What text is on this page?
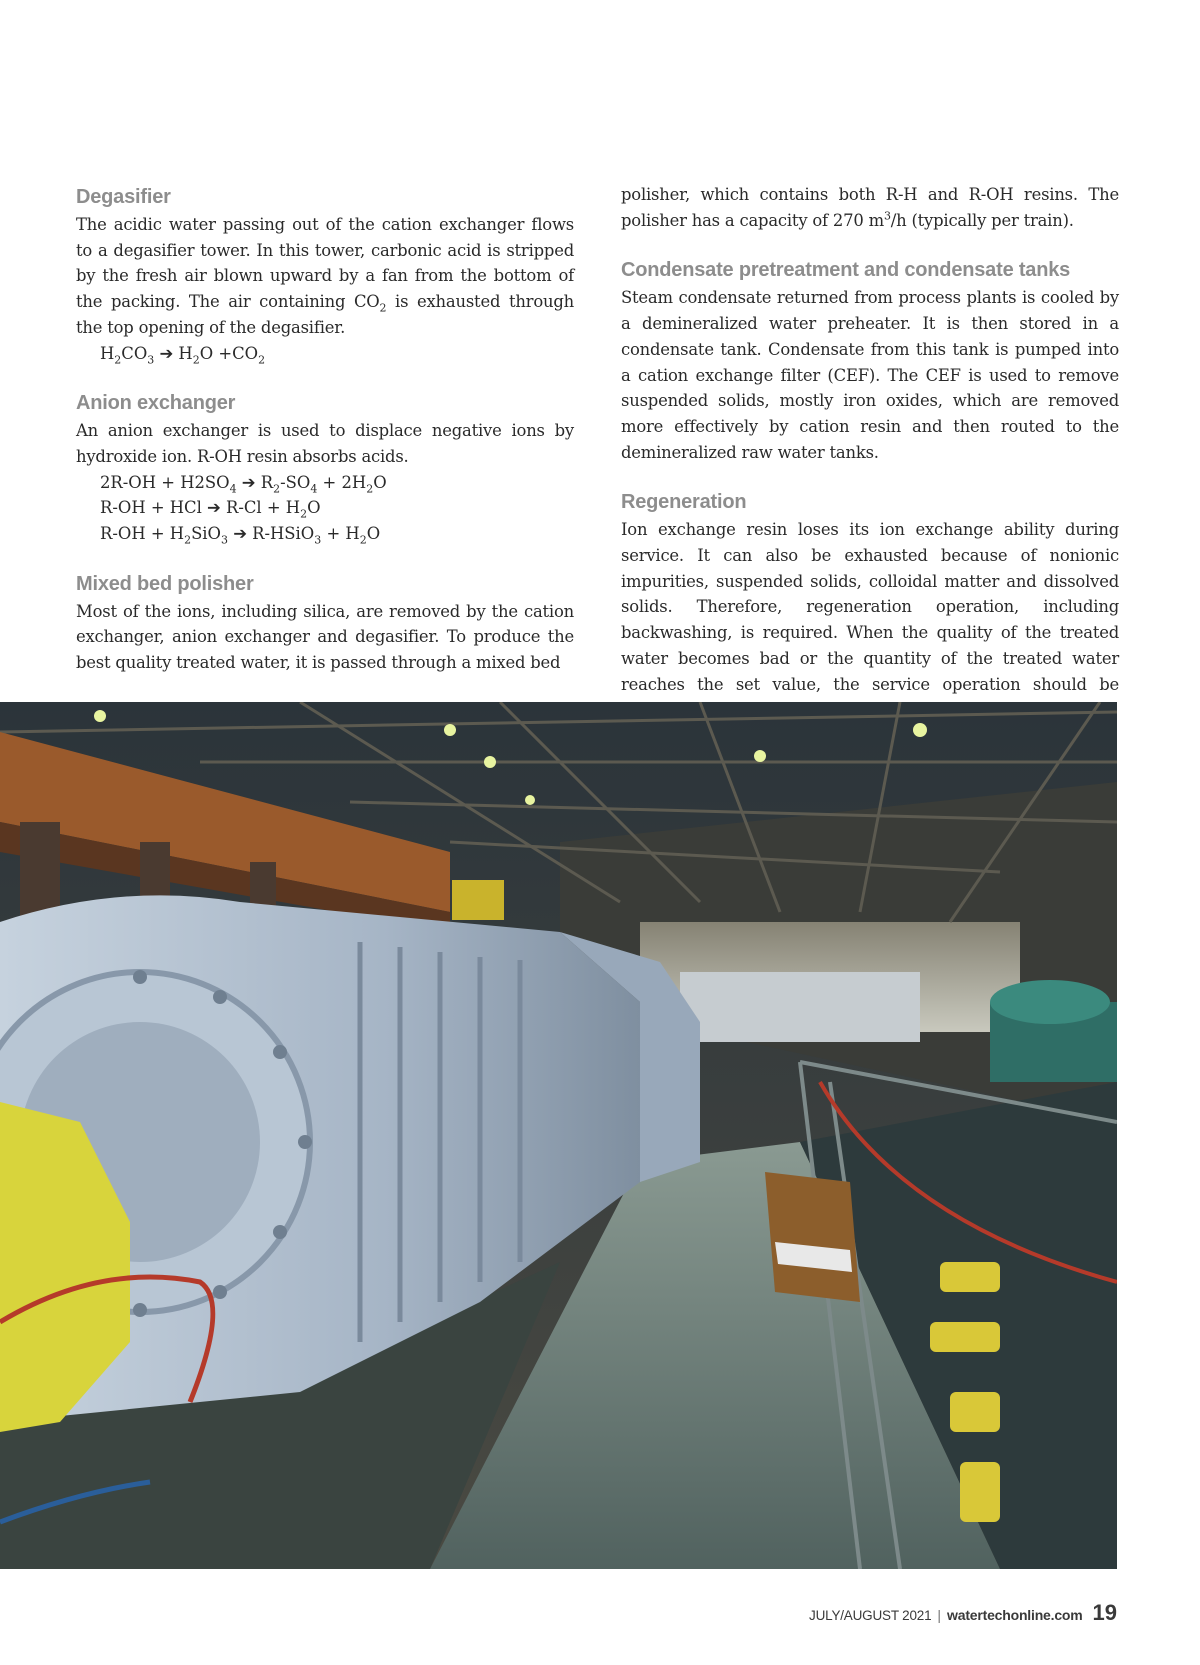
Degasifier

The acidic water passing out of the cation exchanger flows to a degasifier tower. In this tower, carbonic acid is stripped by the fresh air blown upward by a fan from the bottom of the packing. The air containing $CO_2$ is exhausted through the top opening of the degasifier.

$H_2CO_3$ ➔ $H_2O +CO_2$
Anion exchanger

An anion exchanger is used to displace negative ions by hydroxide ion. R-OH resin absorbs acids.

$2R-OH + H2SO_4$ ➔ $R_2-SO_4 + 2H_2O$
R-OH + HCl ➔ $R-Cl + H_2O$
$R-OH + H_2SiO_3$ ➔ R-HSiO$_3$ + $H_2O$
Mixed bed polisher

Most of the ions, including silica, are removed by the cation exchanger, anion exchanger and degasifier. To produce the best quality treated water, it is passed through a mixed bed

polisher, which contains both R-H and R-OH resins. The polisher has a capacity of 270 $m^3/h$ (typically per train).

Condensate pretreatment and condensate tanks

Steam condensate returned from process plants is cooled by a demineralized water preheater. It is then stored in a condensate tank. Condensate from this tank is pumped into a cation exchange filter (CEF). The CEF is used to remove suspended solids, mostly iron oxides, which are removed more effectively by cation resin and then routed to the demineralized raw water tanks.

Regeneration

Ion exchange resin loses its ion exchange ability during service. It can also be exhausted because of nonionic impurities, suspended solids, colloidal matter and dissolved solids. Therefore, regeneration operation, including backwashing, is required. When the quality of the treated water becomes bad or the quantity of the treated water reaches the set value, the service operation should be

JULY/AUGUST 2021 | watertechonline.com 19
